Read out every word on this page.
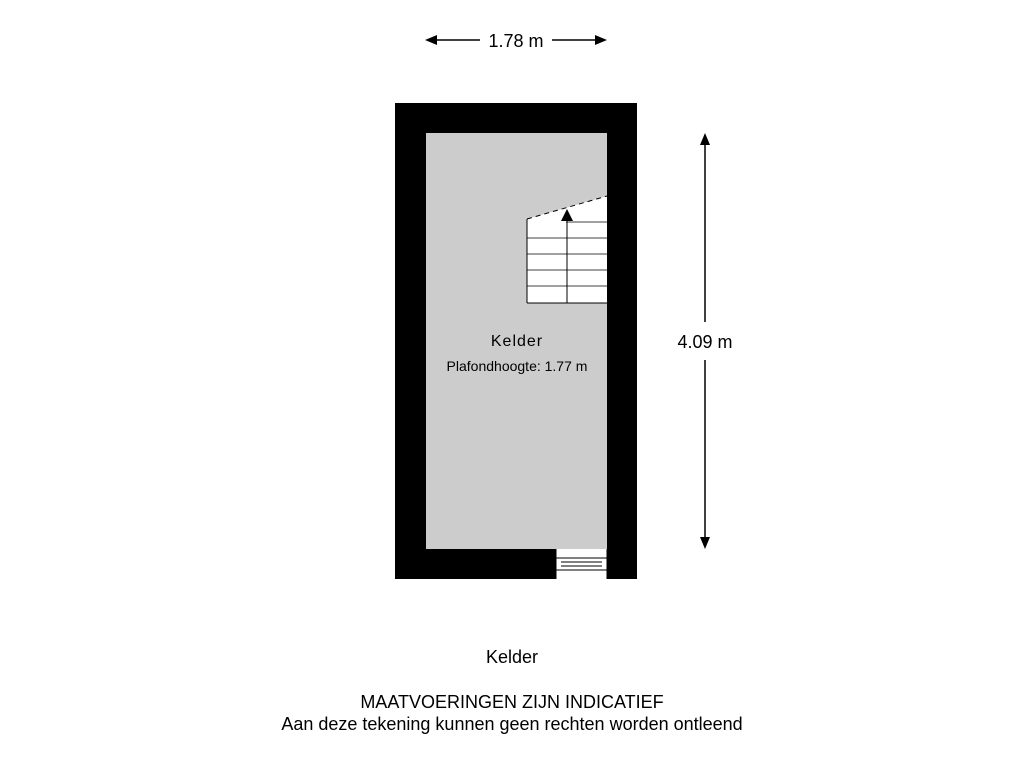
1.78 m
4.09 m
Kelder
Plafondhoogte: 1.77 m
Kelder
MAATVOERINGEN ZIJN INDICATIEF
Aan deze tekening kunnen geen rechten worden ontleend
